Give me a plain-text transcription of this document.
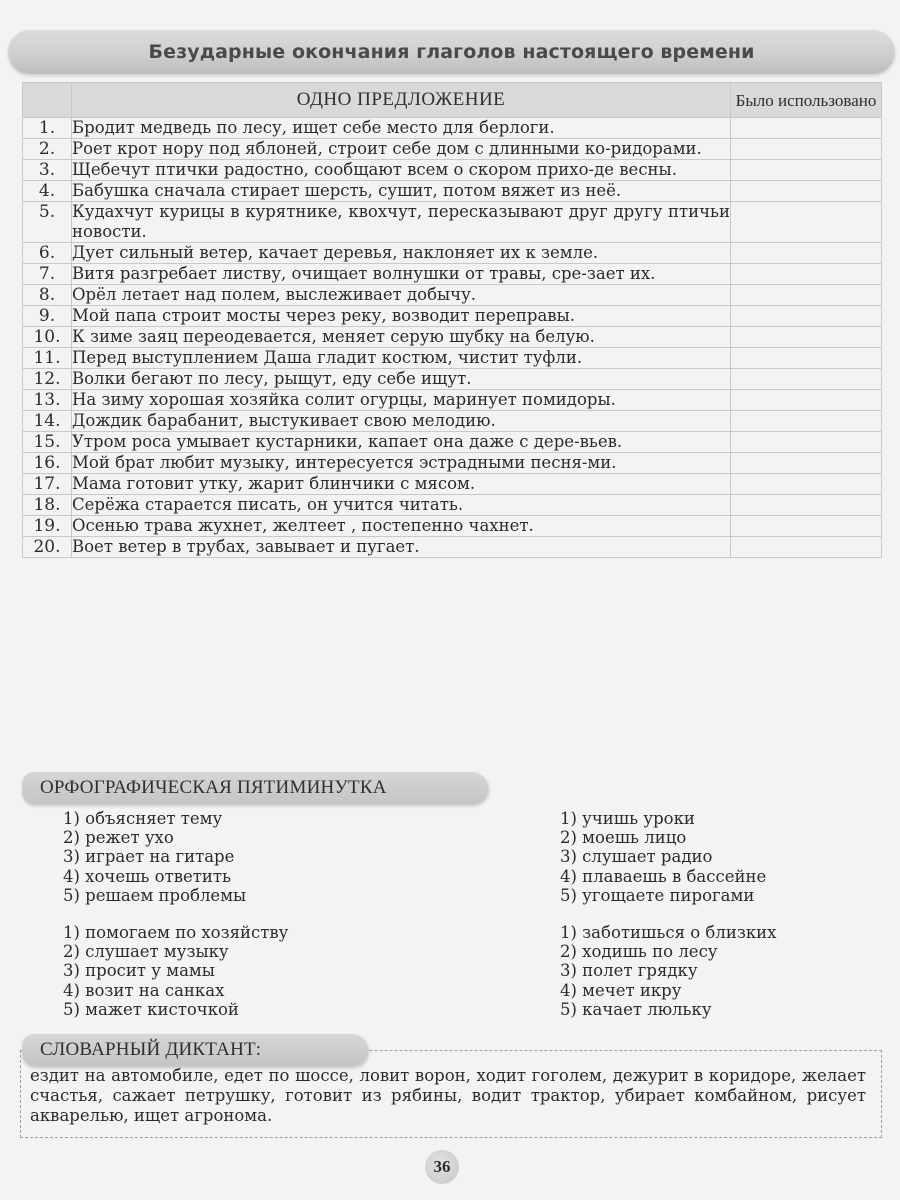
Безударные окончания глаголов настоящего времени
	ОДНО ПРЕДЛОЖЕНИЕ	Было использовано
1.	Бродит медведь по лесу, ищет себе место для берлоги.	
2.	Роет крот нору под яблоней, строит себе дом с длинными ко-ридорами.	
3.	Щебечут птички радостно, сообщают всем о скором прихо-де весны.	
4.	Бабушка сначала стирает шерсть, сушит, потом вяжет из неё.	
5.	Кудахчут курицы в курятнике, квохчут, пересказывают друг другу птичьи новости.	
6.	Дует сильный ветер, качает деревья, наклоняет их к земле.	
7.	Витя разгребает листву, очищает волнушки от травы, сре-зает их.	
8.	Орёл летает над полем, выслеживает добычу.	
9.	Мой папа строит мосты через реку, возводит переправы.	
10.	К зиме заяц переодевается, меняет серую шубку на белую.	
11.	Перед выступлением Даша гладит костюм, чистит туфли.	
12.	Волки бегают по лесу, рыщут, еду себе ищут.	
13.	На зиму хорошая хозяйка солит огурцы, маринует помидоры.	
14.	Дождик барабанит, выстукивает свою мелодию.	
15.	Утром роса умывает кустарники, капает она даже с дере-вьев.	
16.	Мой брат любит музыку, интересуется эстрадными песня-ми.	
17.	Мама готовит утку, жарит блинчики с мясом.	
18.	Серёжа старается писать, он учится читать.	
19.	Осенью трава жухнет, желтеет , постепенно чахнет.	
20.	Воет ветер в трубах, завывает и пугает.	
ОРФОГРАФИЧЕСКАЯ ПЯТИМИНУТКА
1) объясняет тему
2) режет ухо
3) играет на гитаре
4) хочешь ответить
5) решаем проблемы
1) учишь уроки
2) моешь лицо
3) слушает радио
4) плаваешь в бассейне
5) угощаете пирогами
1) помогаем по хозяйству
2) слушает музыку
3) просит у мамы
4) возит на санках
5) мажет кисточкой
1) заботишься о близких
2) ходишь по лесу
3) полет грядку
4) мечет икру
5) качает люльку
СЛОВАРНЫЙ ДИКТАНТ:
ездит на автомобиле, едет по шоссе, ловит ворон, ходит гоголем, дежурит в коридоре, желает счастья, сажает петрушку, готовит из рябины, водит трактор, убирает комбайном, рисует акварелью, ищет агронома.
36
